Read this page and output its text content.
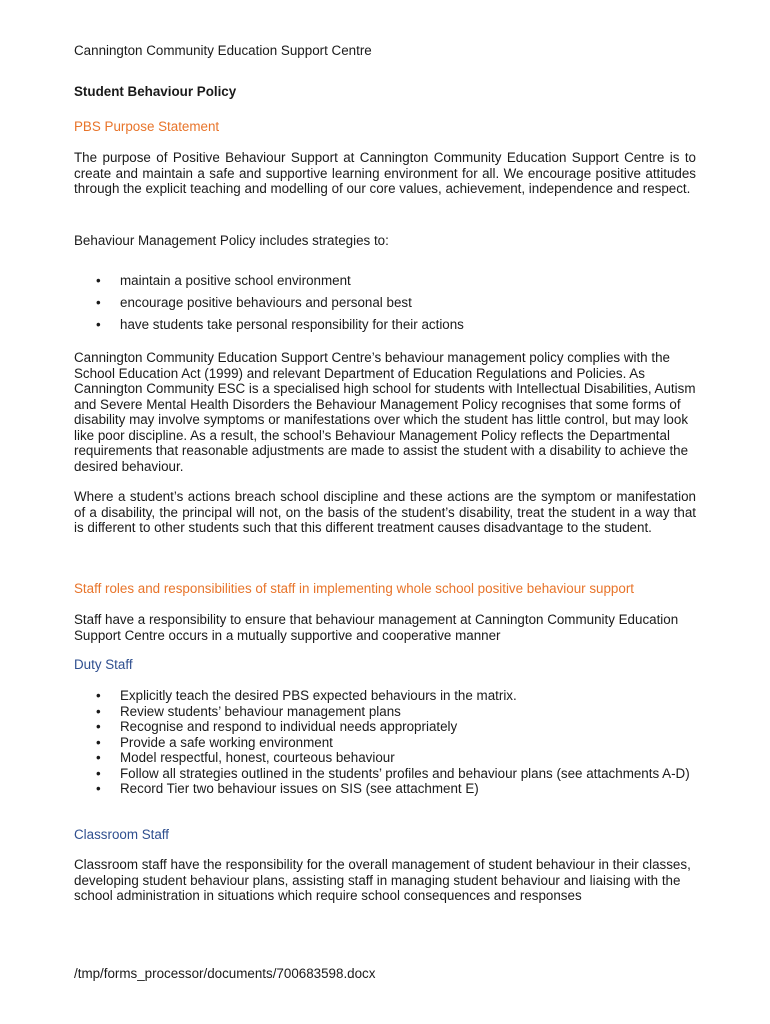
Cannington Community Education Support Centre

Student Behaviour Policy

PBS Purpose Statement

The purpose of Positive Behaviour Support at Cannington Community Education Support Centre is to create and maintain a safe and supportive learning environment for all. We encourage positive attitudes through the explicit teaching and modelling of our core values, achievement, independence and respect.

Behaviour Management Policy includes strategies to:

• maintain a positive school environment
• encourage positive behaviours and personal best
• have students take personal responsibility for their actions

Cannington Community Education Support Centre’s behaviour management policy complies with the School Education Act (1999) and relevant Department of Education Regulations and Policies. As Cannington Community ESC is a specialised high school for students with Intellectual Disabilities, Autism and Severe Mental Health Disorders the Behaviour Management Policy recognises that some forms of disability may involve symptoms or manifestations over which the student has little control, but may look like poor discipline. As a result, the school’s Behaviour Management Policy reflects the Departmental requirements that reasonable adjustments are made to assist the student with a disability to achieve the desired behaviour.

Where a student’s actions breach school discipline and these actions are the symptom or manifestation of a disability, the principal will not, on the basis of the student’s disability, treat the student in a way that is different to other students such that this different treatment causes disadvantage to the student.

Staff roles and responsibilities of staff in implementing whole school positive behaviour support

Staff have a responsibility to ensure that behaviour management at Cannington Community Education Support Centre occurs in a mutually supportive and cooperative manner

Duty Staff

• Explicitly teach the desired PBS expected behaviours in the matrix.
• Review students’ behaviour management plans
• Recognise and respond to individual needs appropriately
• Provide a safe working environment
• Model respectful, honest, courteous behaviour
• Follow all strategies outlined in the students’ profiles and behaviour plans (see attachments A-D)
• Record Tier two behaviour issues on SIS (see attachment E)

Classroom Staff

Classroom staff have the responsibility for the overall management of student behaviour in their classes, developing student behaviour plans, assisting staff in managing student behaviour and liaising with the school administration in situations which require school consequences and responses

/tmp/forms_processor/documents/700683598.docx
